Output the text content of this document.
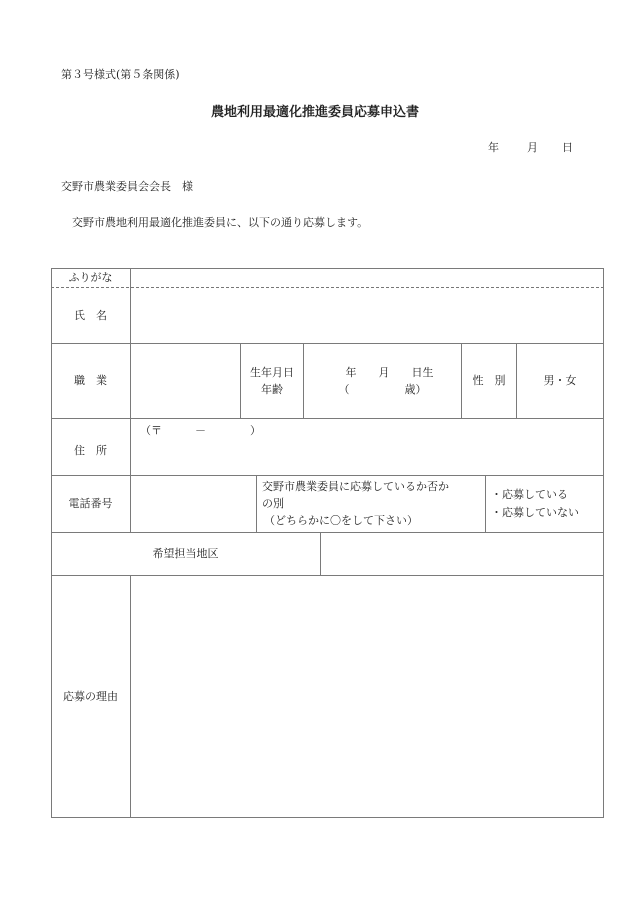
第３号様式(第５条関係)
農地利用最適化推進委員応募申込書
年	月 日
交野市農業委員会会長　様
交野市農地利用最適化推進委員に、以下の通り応募します。
ふりがな
氏　名
職　業
生年月日
年齢
年　　月　　日生
（　　　　　歳）
性　別	男・女
住　所
（〒　　　－　　　　）
電話番号
交野市農業委員に応募しているか否か
の別
（どちらかに〇をして下さい）
・応募している
・応募していない
希望担当地区
応募の理由
